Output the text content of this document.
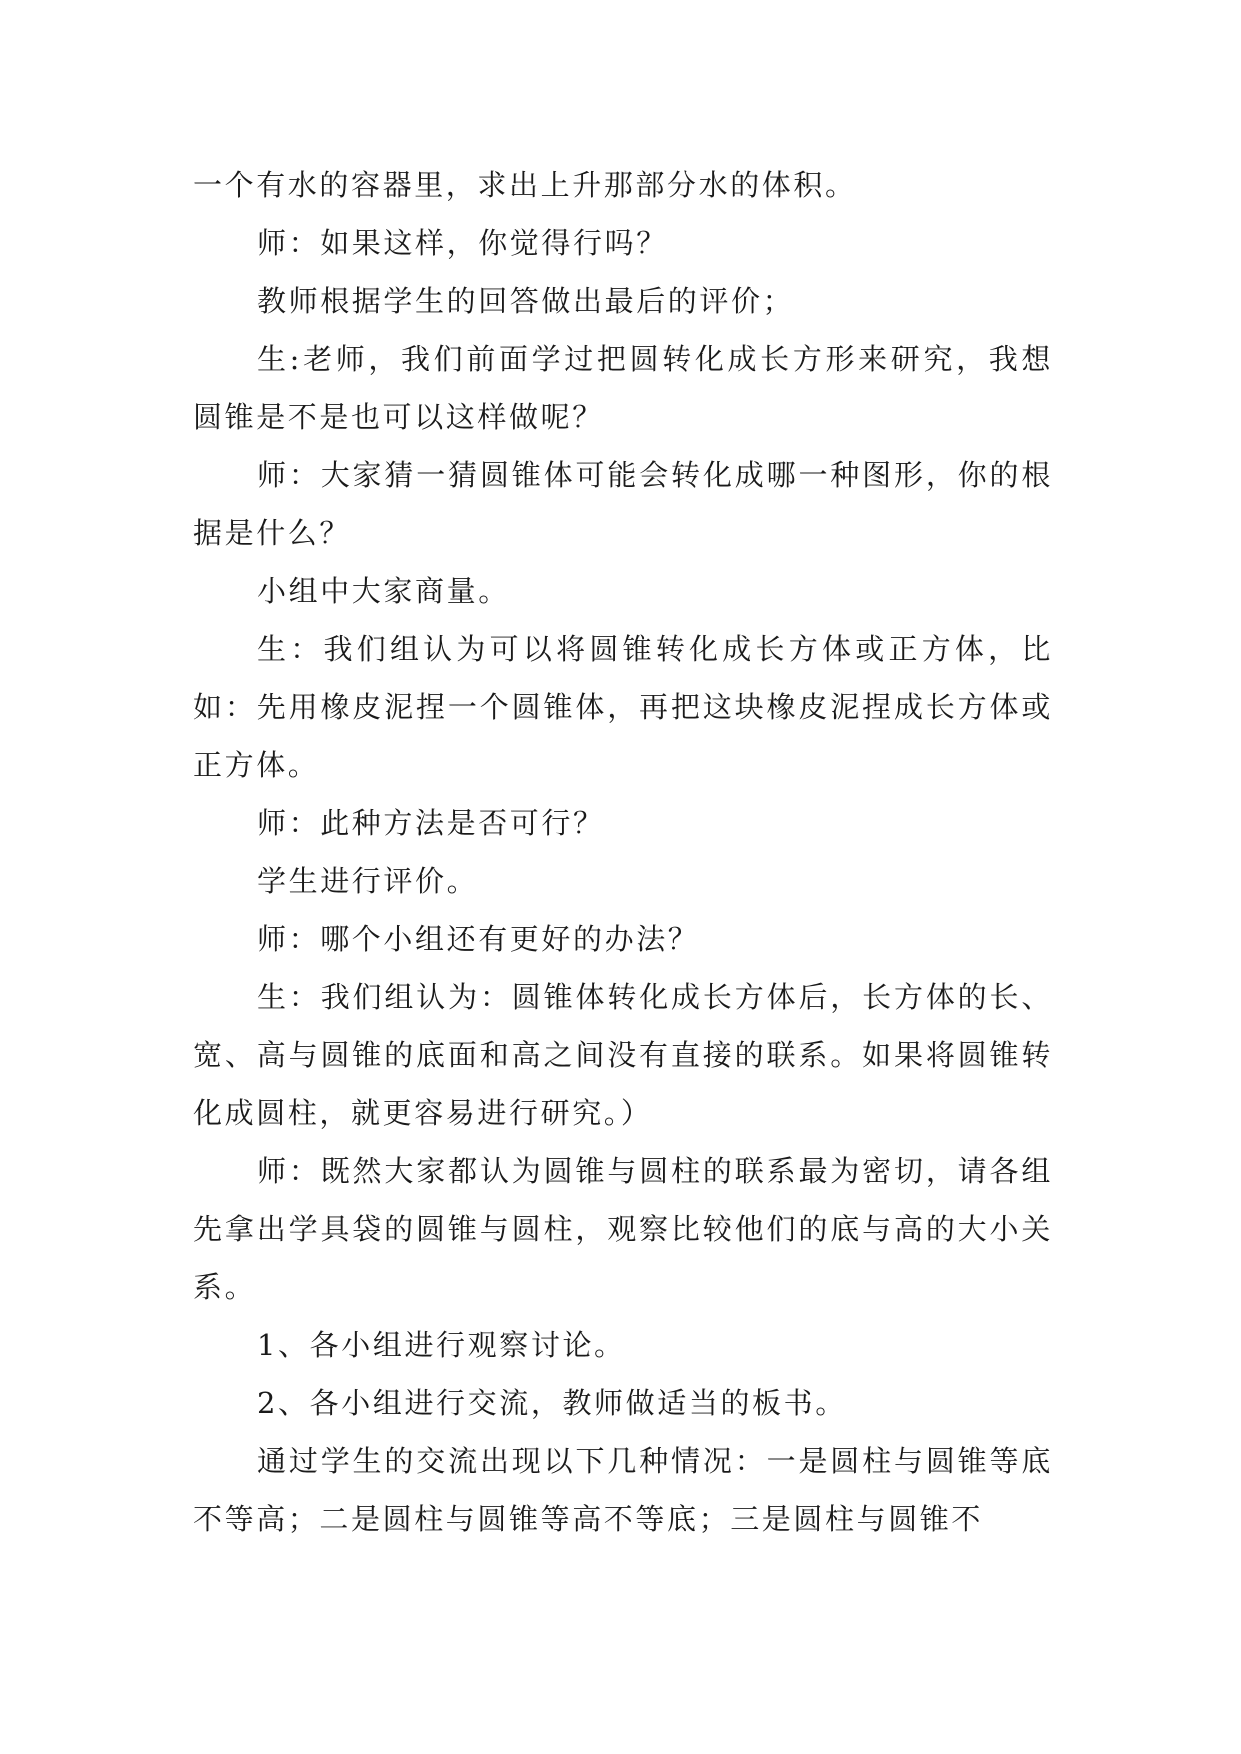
一个有水的容器里，求出上升那部分水的体积。

师：如果这样，你觉得行吗？

教师根据学生的回答做出最后的评价；

生:老师，我们前面学过把圆转化成长方形来研究，我想圆锥是不是也可以这样做呢？

师：大家猜一猜圆锥体可能会转化成哪一种图形，你的根据是什么？

小组中大家商量。

生：我们组认为可以将圆锥转化成长方体或正方体，比如：先用橡皮泥捏一个圆锥体，再把这块橡皮泥捏成长方体或正方体。

师：此种方法是否可行？

学生进行评价。

师：哪个小组还有更好的办法？

生：我们组认为：圆锥体转化成长方体后，长方体的长、宽、高与圆锥的底面和高之间没有直接的联系。如果将圆锥转化成圆柱，就更容易进行研究。）

师：既然大家都认为圆锥与圆柱的联系最为密切，请各组先拿出学具袋的圆锥与圆柱，观察比较他们的底与高的大小关系。

1、各小组进行观察讨论。

2、各小组进行交流，教师做适当的板书。

通过学生的交流出现以下几种情况：一是圆柱与圆锥等底不等高；二是圆柱与圆锥等高不等底；三是圆柱与圆锥不
